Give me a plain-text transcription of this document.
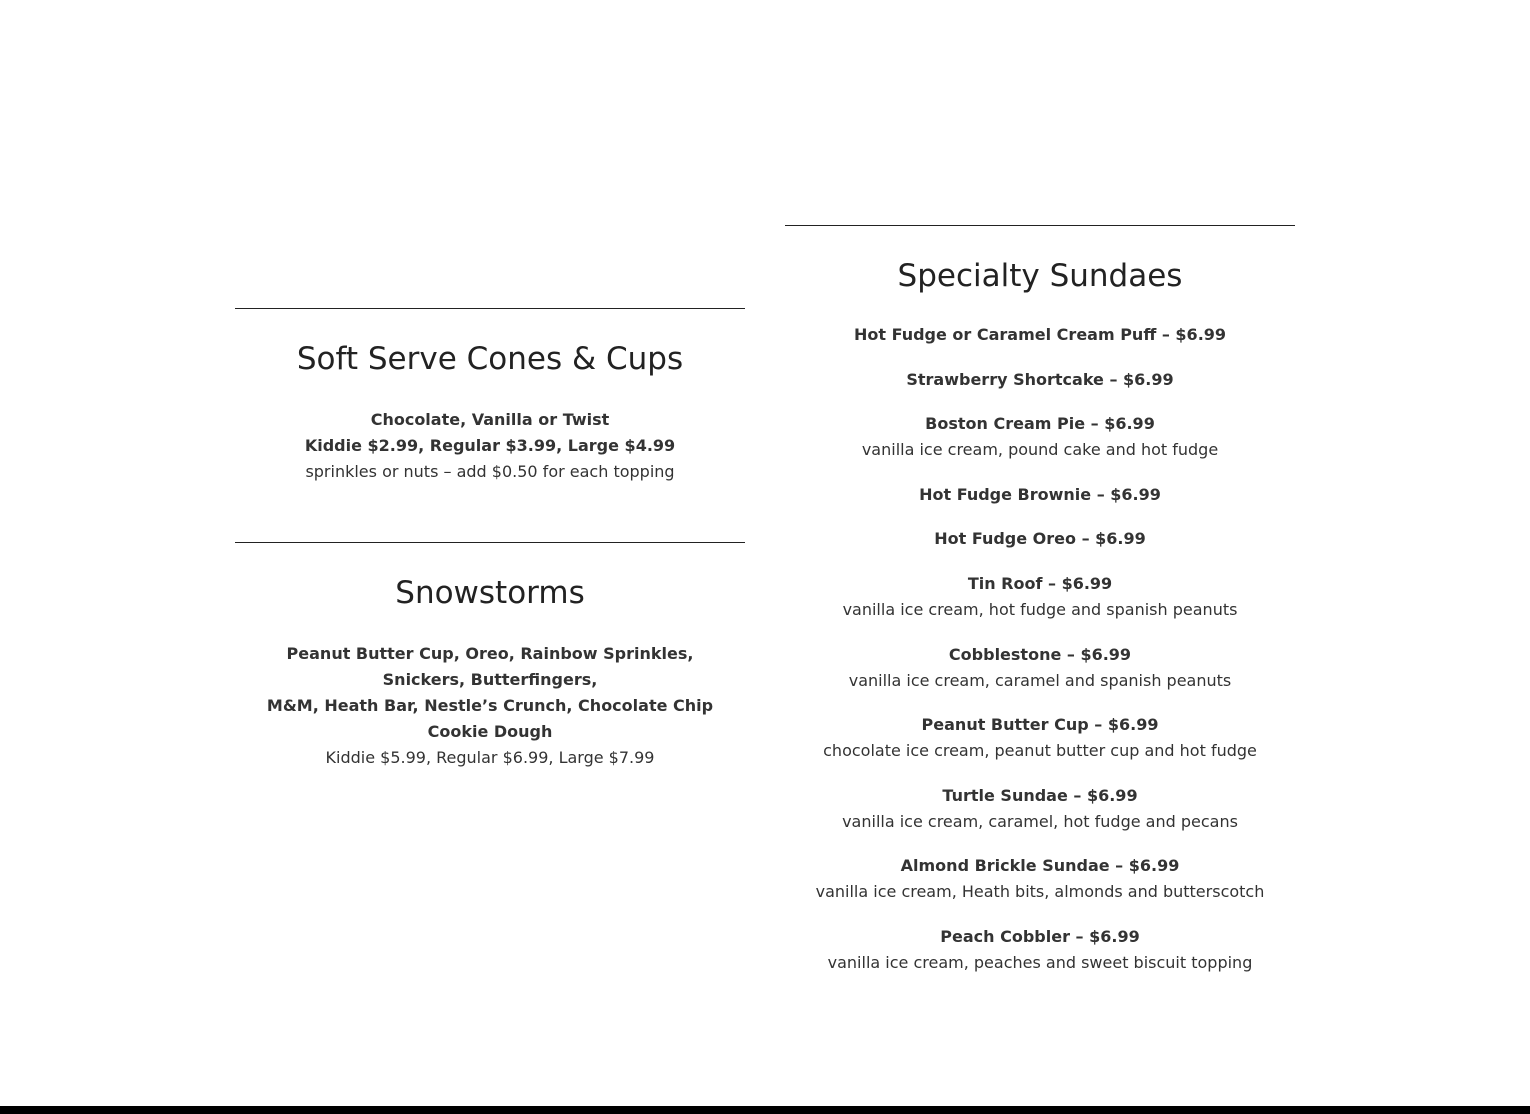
Soft Serve Cones & Cups
Chocolate, Vanilla or Twist
Kiddie $2.99, Regular $3.99, Large $4.99
sprinkles or nuts – add $0.50 for each topping
Snowstorms
Peanut Butter Cup, Oreo, Rainbow Sprinkles, Snickers, Butterfingers,
M&M, Heath Bar, Nestle’s Crunch, Chocolate Chip Cookie Dough
Kiddie $5.99, Regular $6.99, Large $7.99
Specialty Sundaes
Hot Fudge or Caramel Cream Puff – $6.99
Strawberry Shortcake – $6.99
Boston Cream Pie – $6.99
vanilla ice cream, pound cake and hot fudge
Hot Fudge Brownie – $6.99
Hot Fudge Oreo – $6.99
Tin Roof – $6.99
vanilla ice cream, hot fudge and spanish peanuts
Cobblestone – $6.99
vanilla ice cream, caramel and spanish peanuts
Peanut Butter Cup – $6.99
chocolate ice cream, peanut butter cup and hot fudge
Turtle Sundae – $6.99
vanilla ice cream, caramel, hot fudge and pecans
Almond Brickle Sundae – $6.99
vanilla ice cream, Heath bits, almonds and butterscotch
Peach Cobbler – $6.99
vanilla ice cream, peaches and sweet biscuit topping
